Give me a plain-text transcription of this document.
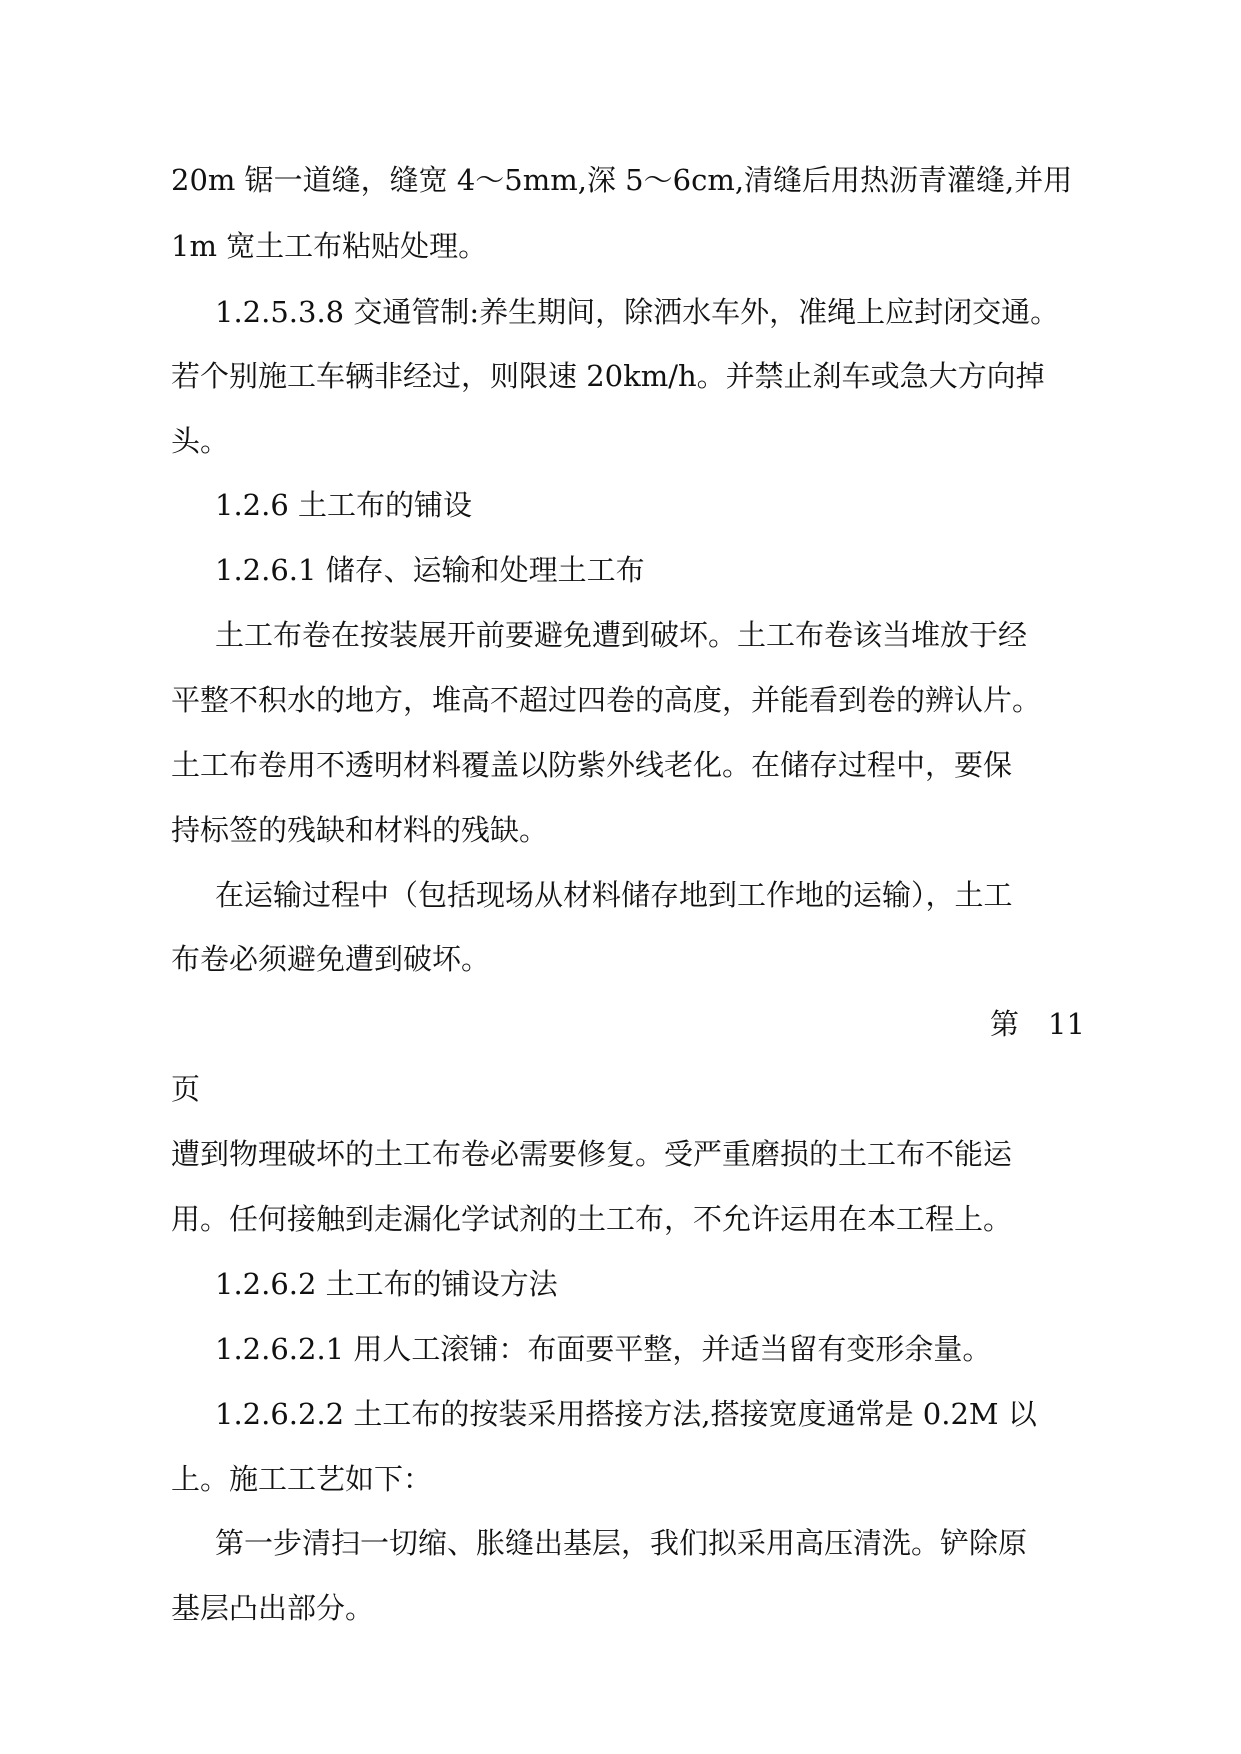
20m 锯一道缝，缝宽 4～5mm,深 5～6cm,清缝后用热沥青灌缝,并用
1m 宽土工布粘贴处理。
1.2.5.3.8 交通管制:养生期间，除洒水车外，准绳上应封闭交通。
若个别施工车辆非经过，则限速 20km/h。并禁止刹车或急大方向掉
头。
1.2.6 土工布的铺设
1.2.6.1 储存、运输和处理土工布
土工布卷在按装展开前要避免遭到破坏。土工布卷该当堆放于经
平整不积水的地方，堆高不超过四卷的高度，并能看到卷的辨认片。
土工布卷用不透明材料覆盖以防紫外线老化。在储存过程中，要保
持标签的残缺和材料的残缺。
在运输过程中（包括现场从材料储存地到工作地的运输），土工
布卷必须避免遭到破坏。
第　11
页
遭到物理破坏的土工布卷必需要修复。受严重磨损的土工布不能运
用。任何接触到走漏化学试剂的土工布，不允许运用在本工程上。
1.2.6.2 土工布的铺设方法
1.2.6.2.1 用人工滚铺：布面要平整，并适当留有变形余量。
1.2.6.2.2 土工布的按装采用搭接方法,搭接宽度通常是 0.2M 以
上。施工工艺如下：
第一步清扫一切缩、胀缝出基层，我们拟采用高压清洗。铲除原
基层凸出部分。
